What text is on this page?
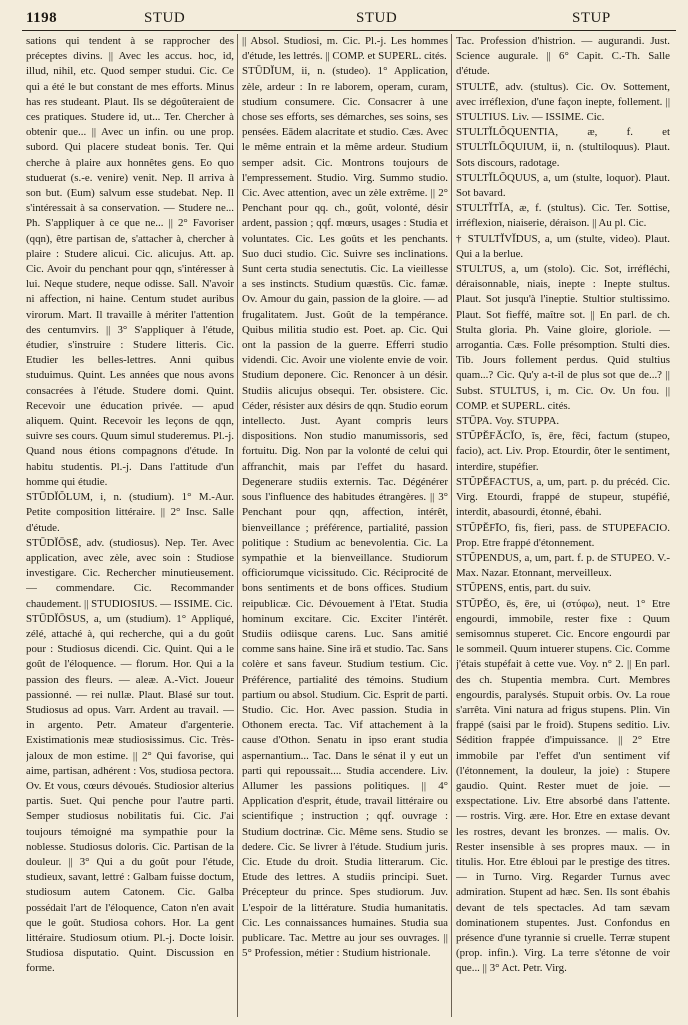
1198	STUD	STUD	STUP

sations qui tendent à se rapprocher des préceptes divins. || Avec les accus. hoc, id, illud, nihil, etc. Quod semper studui. Cic. Ce qui a été le but constant de mes efforts. Minus has res studeant. Plaut. Ils se dégoûteraient de ces pratiques. Studere id, ut... Ter. Chercher à obtenir que... || Avec un infin. ou une prop. subord. Qui placere studeat bonis. Ter. Qui cherche à plaire aux honnêtes gens. Eo quo studuerat (s.-e. venire) venit. Nep. Il arriva à son but. (Eum) salvum esse studebat. Nep. Il s'intéressait à sa conservation. — Studere ne... Ph. S'appliquer à ce que ne... || 2° Favoriser (qqn), être partisan de, s'attacher à, chercher à plaire : Studere alicui. Cic. alicujus. Att. ap. Cic. Avoir du penchant pour qqn, s'intéresser à lui. Neque studere, neque odisse. Sall. N'avoir ni affection, ni haine. Centum studet auribus virorum. Mart. Il travaille à mériter l'attention des centumvirs. || 3° S'appliquer à l'étude, étudier, s'instruire : Studere litteris. Cic. Etudier les belles-lettres. Anni quibus studuimus. Quint. Les années que nous avons consacrées à l'étude. Studere domi. Quint. Recevoir une éducation privée. — apud aliquem. Quint. Recevoir les leçons de qqn, suivre ses cours. Quum simul studeremus. Pl.-j. Quand nous étions compagnons d'étude. In habitu studentis. Pl.-j. Dans l'attitude d'un homme qui étudie.

STŪDĬŎLUM, i, n. (studium). 1° M.-Aur. Petite composition littéraire. || 2° Insc. Salle d'étude.

STŪDĬŌSĒ, adv. (studiosus). Nep. Ter. Avec application, avec zèle, avec soin : Studiose investigare. Cic. Rechercher minutieusement. — commendare. Cic. Recommander chaudement. || STUDIOSIUS. — ISSIME. Cic.

STŪDĬŌSUS, a, um (studium). 1° Appliqué, zélé, attaché à, qui recherche, qui a du goût pour : Studiosus dicendi. Cic. Quint. Qui a le goût de l'éloquence. — florum. Hor. Qui a la passion des fleurs. — aleæ. A.-Vict. Joueur passionné. — rei nullæ. Plaut. Blasé sur tout. Studiosus ad opus. Varr. Ardent au travail. — in argento. Petr. Amateur d'argenterie. Existimationis meæ studiosissimus. Cic. Très-jaloux de mon estime. || 2° Qui favorise, qui aime, partisan, adhérent : Vos, studiosa pectora. Ov. Et vous, cœurs dévoués. Studiosior alterius partis. Suet. Qui penche pour l'autre parti. Semper studiosus nobilitatis fui. Cic. J'ai toujours témoigné ma sympathie pour la noblesse. Studiosus doloris. Cic. Partisan de la douleur. || 3° Qui a du goût pour l'étude, studieux, savant, lettré : Galbam fuisse doctum, studiosum autem Catonem. Cic. Galba possédait l'art de l'éloquence, Caton n'en avait que le goût. Studiosa cohors. Hor. La gent littéraire. Studiosum otium. Pl.-j. Docte loisir. Studiosa disputatio. Quint. Discussion en forme.

|| Absol. Studiosi, m. Cic. Pl.-j. Les hommes d'étude, les lettrés. || COMP. et SUPERL. cités.

STŪDĬUM, ii, n. (studeo). 1° Application, zèle, ardeur : In re laborem, operam, curam, studium consumere. Cic. Consacrer à une chose ses efforts, ses démarches, ses soins, ses pensées. Eādem alacritate et studio. Cæs. Avec le même entrain et la même ardeur. Studium semper adsit. Cic. Montrons toujours de l'empressement. Studio. Virg. Summo studio. Cic. Avec attention, avec un zèle extrême. || 2° Penchant pour qq. ch., goût, volonté, désir ardent, passion ; qqf. mœurs, usages : Studia et voluntates. Cic. Les goûts et les penchants. Suo duci studio. Cic. Suivre ses inclinations. Sunt certa studia senectutis. Cic. La vieillesse a ses instincts. Studium quæstūs. Cic. famæ. Ov. Amour du gain, passion de la gloire. — ad frugalitatem. Just. Goût de la tempérance. Quibus militia studio est. Poet. ap. Cic. Qui ont la passion de la guerre. Efferri studio videndi. Cic. Avoir une violente envie de voir. Studium deponere. Cic. Renoncer à un désir. Studiis alicujus obsequi. Ter. obsistere. Cic. Céder, résister aux désirs de qqn. Studio eorum intellecto. Just. Ayant compris leurs dispositions. Non studio manumissoris, sed fortuitu. Dig. Non par la volonté de celui qui affranchit, mais par l'effet du hasard. Degenerare studiis externis. Tac. Dégénérer sous l'influence des habitudes étrangères. || 3° Penchant pour qqn, affection, intérêt, bienveillance ; préférence, partialité, passion politique : Studium ac benevolentia. Cic. La sympathie et la bienveillance. Studiorum officiorumque vicissitudo. Cic. Réciprocité de bons sentiments et de bons offices. Studium reipublicæ. Cic. Dévouement à l'Etat. Studia hominum excitare. Cic. Exciter l'intérêt. Studiis odiisque carens. Luc. Sans amitié comme sans haine. Sine irā et studio. Tac. Sans colère et sans faveur. Studium testium. Cic. Préférence, partialité des témoins. Studium partium ou absol. Studium. Cic. Esprit de parti. Studio. Cic. Hor. Avec passion. Studia in Othonem erecta. Tac. Vif attachement à la cause d'Othon. Senatu in ipso erant studia aspernantium... Tac. Dans le sénat il y eut un parti qui repoussait.... Studia accendere. Liv. Allumer les passions politiques. || 4° Application d'esprit, étude, travail littéraire ou scientifique ; instruction ; qqf. ouvrage : Studium doctrinæ. Cic. Même sens. Studio se dedere. Cic. Se livrer à l'étude. Studium juris. Cic. Etude du droit. Studia litterarum. Cic. Etude des lettres. A studiis principi. Suet. Précepteur du prince. Spes studiorum. Juv. L'espoir de la littérature. Studia humanitatis. Cic. Les connaissances humaines. Studia sua publicare. Tac. Mettre au jour ses ouvrages. || 5° Profession, métier : Studium histrionale.

Tac. Profession d'histrion. — augurandi. Just. Science augurale. || 6° Capit. C.-Th. Salle d'étude.

STULTĒ, adv. (stultus). Cic. Ov. Sottement, avec irréflexion, d'une façon inepte, follement. || STULTIUS. Liv. — ISSIME. Cic.

STULTĬLŎQUENTIA, æ, f. et STULTĬLŎQUIUM, ii, n. (stultiloquus). Plaut. Sots discours, radotage.

STULTĬLŎQUUS, a, um (stulte, loquor). Plaut. Sot bavard.

STULTĬTĬA, æ, f. (stultus). Cic. Ter. Sottise, irréflexion, niaiserie, déraison. || Au pl. Cic.

† STULTĬVĬDUS, a, um (stulte, video). Plaut. Qui a la berlue.

STULTUS, a, um (stolo). Cic. Sot, irréfléchi, déraisonnable, niais, inepte : Inepte stultus. Plaut. Sot jusqu'à l'ineptie. Stultior stultissimo. Plaut. Sot fieffé, maître sot. || En parl. de ch. Stulta gloria. Ph. Vaine gloire, gloriole. — arrogantia. Cæs. Folle présomption. Stulti dies. Tib. Jours follement perdus. Quid stultius quam...? Cic. Qu'y a-t-il de plus sot que de...? || Subst. STULTUS, i, m. Cic. Ov. Un fou. || COMP. et SUPERL. cités.

STŪPA. Voy. STUPPA.

STŬPĔFĂCĬO, ĭs, ēre, fēci, factum (stupeo, facio), act. Liv. Prop. Etourdir, ôter le sentiment, interdire, stupéfier.

STŬPĔFACTUS, a, um, part. p. du précéd. Cic. Virg. Etourdi, frappé de stupeur, stupéfié, interdit, abasourdi, étonné, ébahi.

STŬPĔFĪO, fis, fieri, pass. de STUPEFACIO. Prop. Etre frappé d'étonnement.

STŬPENDUS, a, um, part. f. p. de STUPEO. V.-Max. Nazar. Etonnant, merveilleux.

STŬPENS, entis, part. du suiv.

STŬPĔO, ēs, ēre, ui (στύφω), neut. 1° Etre engourdi, immobile, rester fixe : Quum semisomnus stuperet. Cic. Encore engourdi par le sommeil. Quum intuerer stupens. Cic. Comme j'étais stupéfait à cette vue. Voy. n° 2. || En parl. des ch. Stupentia membra. Curt. Membres engourdis, paralysés. Stupuit orbis. Ov. La roue s'arrêta. Vini natura ad frigus stupens. Plin. Vin frappé (saisi par le froid). Stupens seditio. Liv. Sédition frappée d'impuissance. || 2° Etre immobile par l'effet d'un sentiment vif (l'étonnement, la douleur, la joie) : Stupere gaudio. Quint. Rester muet de joie. — exspectatione. Liv. Etre absorbé dans l'attente. — rostris. Virg. ære. Hor. Etre en extase devant les rostres, devant les bronzes. — malis. Ov. Rester insensible à ses propres maux. — in titulis. Hor. Etre ébloui par le prestige des titres. — in Turno. Virg. Regarder Turnus avec admiration. Stupent ad hæc. Sen. Ils sont ébahis devant de tels spectacles. Ad tam sævam dominationem stupentes. Just. Confondus en présence d'une tyrannie si cruelle. Terræ stupent (prop. infin.). Virg. La terre s'étonne de voir que... || 3° Act. Petr. Virg.
